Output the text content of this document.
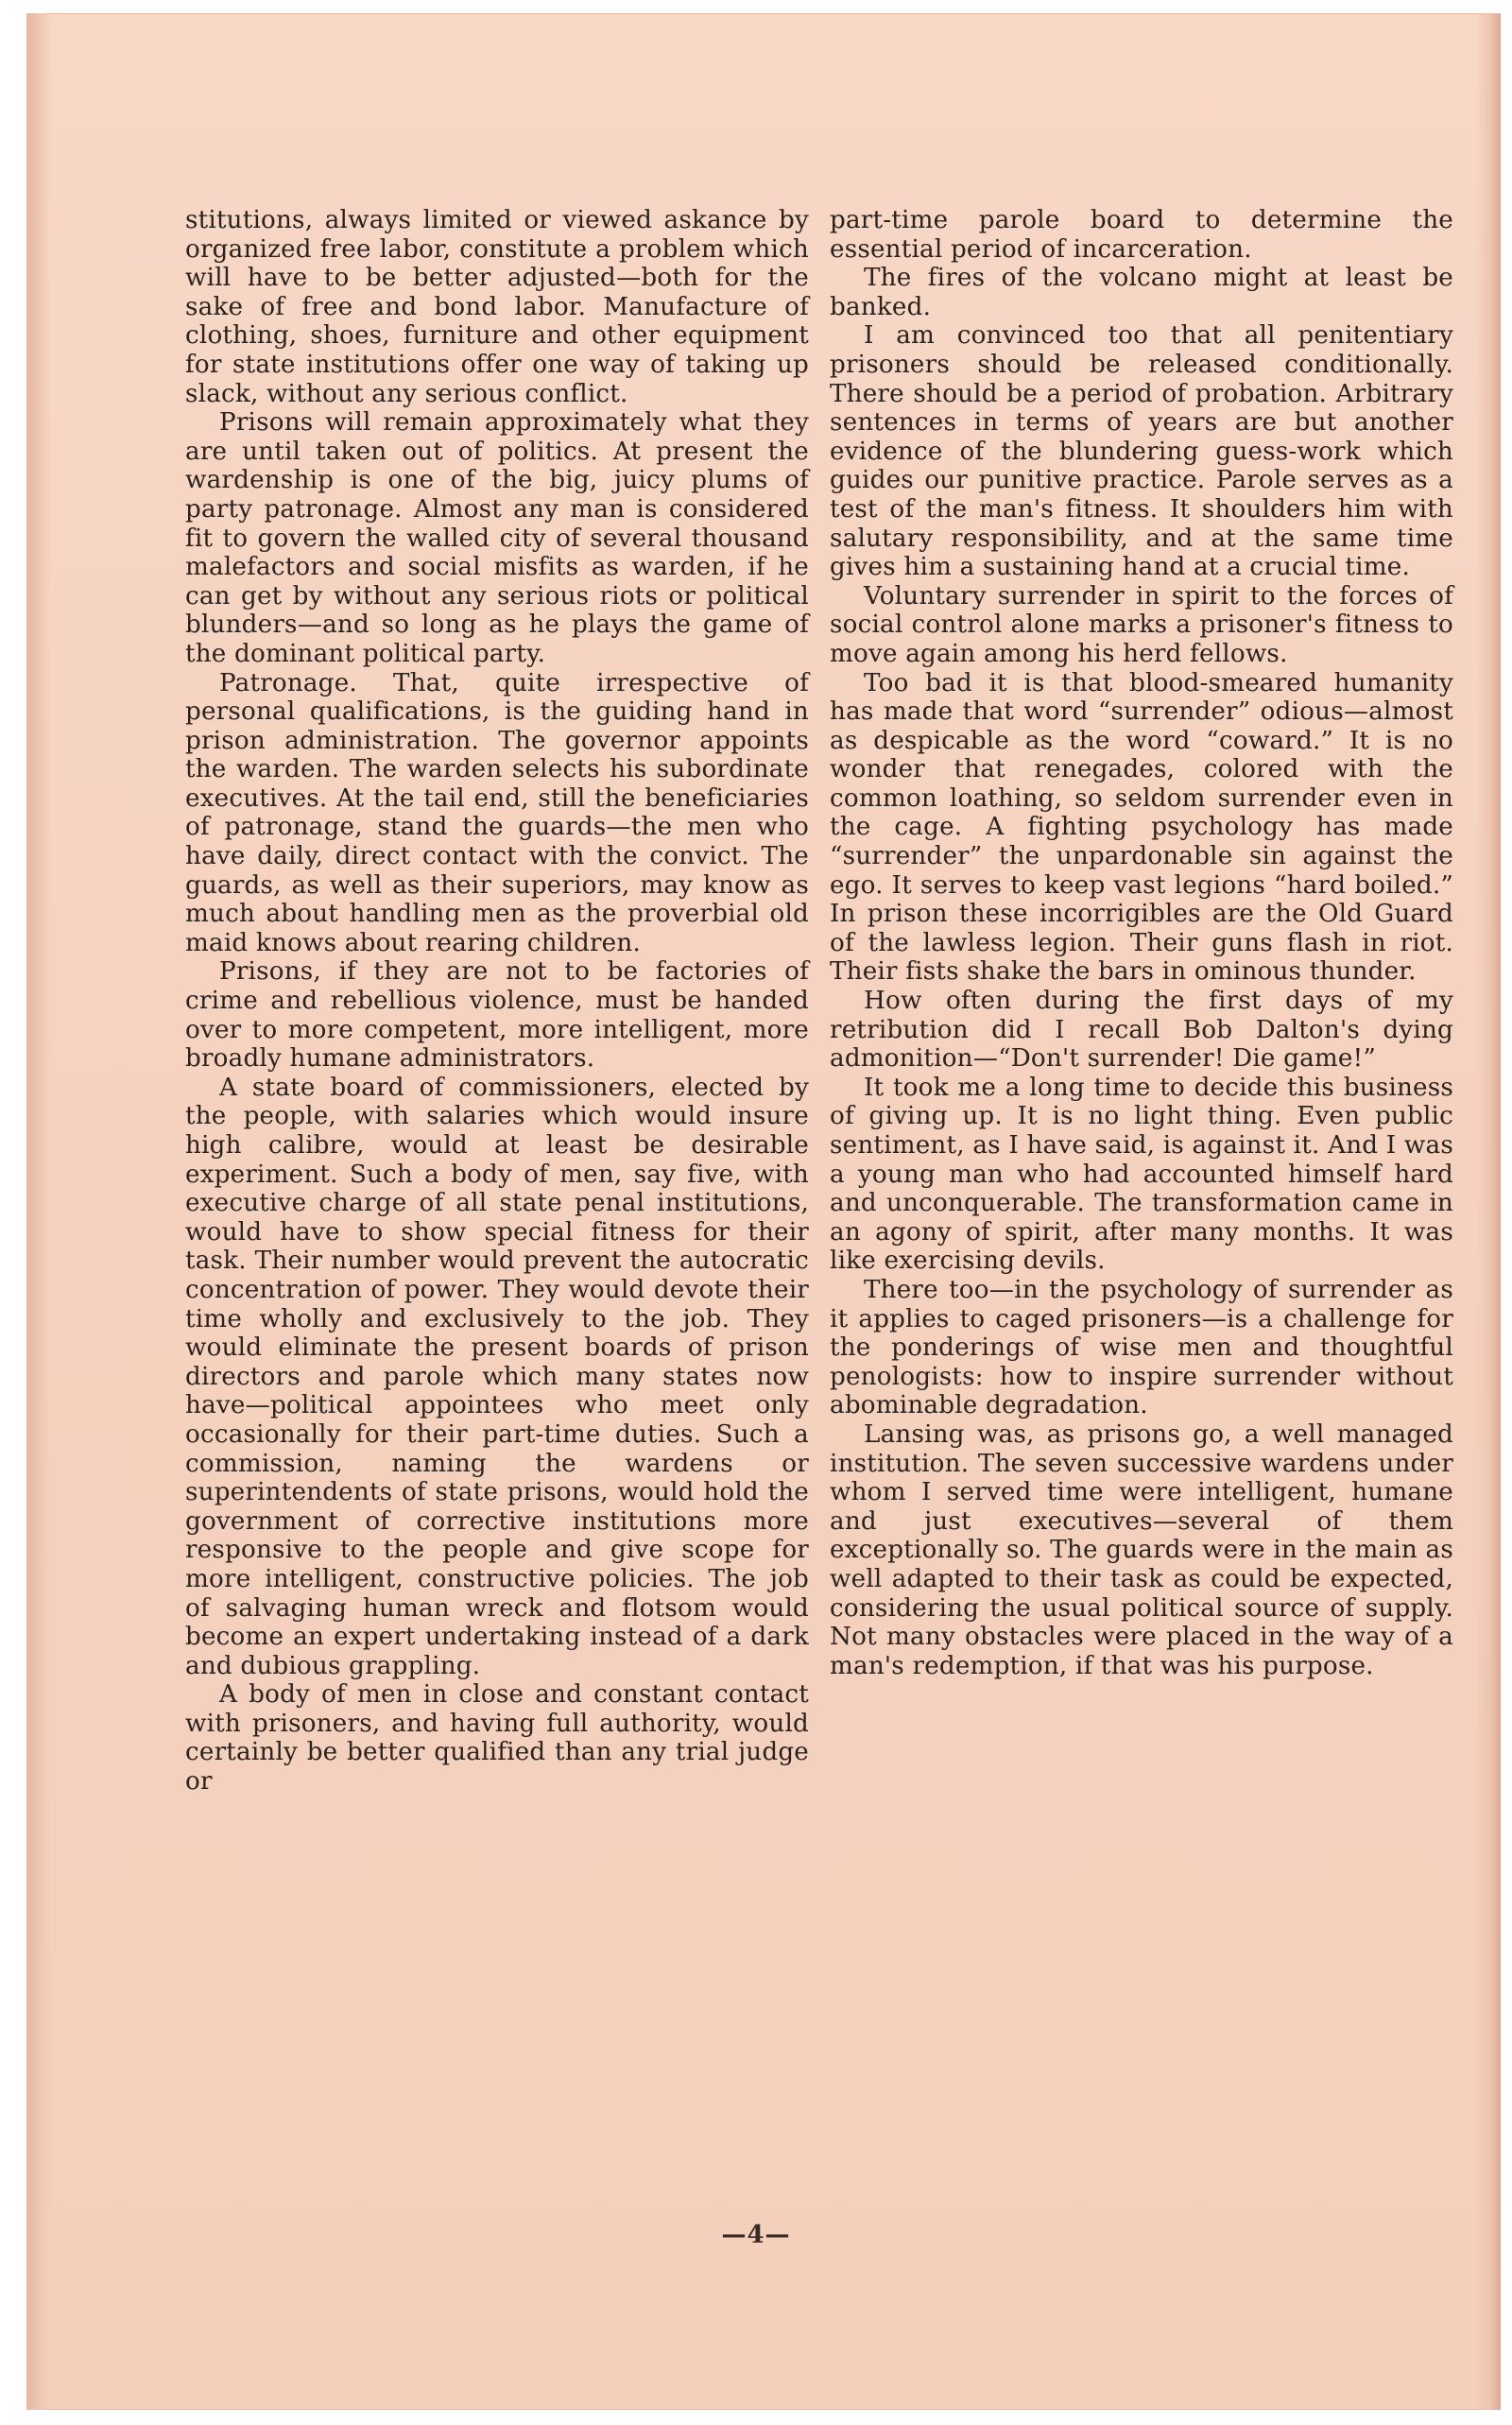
stitutions, always limited or viewed askance by organized free labor, constitute a problem which will have to be better adjusted—both for the sake of free and bond labor. Manufacture of clothing, shoes, furniture and other equipment for state institutions offer one way of taking up slack, without any serious conflict.

Prisons will remain approximately what they are until taken out of politics. At present the wardenship is one of the big, juicy plums of party patronage. Almost any man is considered fit to govern the walled city of several thousand malefactors and social misfits as warden, if he can get by without any serious riots or political blunders—and so long as he plays the game of the dominant political party.

Patronage. That, quite irrespective of personal qualifications, is the guiding hand in prison administration. The governor appoints the warden. The warden selects his subordinate executives. At the tail end, still the beneficiaries of patronage, stand the guards—the men who have daily, direct contact with the convict. The guards, as well as their superiors, may know as much about handling men as the proverbial old maid knows about rearing children.

Prisons, if they are not to be factories of crime and rebellious violence, must be handed over to more competent, more intelligent, more broadly humane administrators.

A state board of commissioners, elected by the people, with salaries which would insure high calibre, would at least be desirable experiment. Such a body of men, say five, with executive charge of all state penal institutions, would have to show special fitness for their task. Their number would prevent the autocratic concentration of power. They would devote their time wholly and exclusively to the job. They would eliminate the present boards of prison directors and parole which many states now have—political appointees who meet only occasionally for their part-time duties. Such a commission, naming the wardens or superintendents of state prisons, would hold the government of corrective institutions more responsive to the people and give scope for more intelligent, constructive policies. The job of salvaging human wreck and flotsom would become an expert undertaking instead of a dark and dubious grappling.

A body of men in close and constant contact with prisoners, and having full authority, would certainly be better qualified than any trial judge or

part-time parole board to determine the essential period of incarceration.

The fires of the volcano might at least be banked.

I am convinced too that all penitentiary prisoners should be released conditionally. There should be a period of probation. Arbitrary sentences in terms of years are but another evidence of the blundering guess-work which guides our punitive practice. Parole serves as a test of the man's fitness. It shoulders him with salutary responsibility, and at the same time gives him a sustaining hand at a crucial time.

Voluntary surrender in spirit to the forces of social control alone marks a prisoner's fitness to move again among his herd fellows.

Too bad it is that blood-smeared humanity has made that word “surrender” odious—almost as despicable as the word “coward.” It is no wonder that renegades, colored with the common loathing, so seldom surrender even in the cage. A fighting psychology has made “surrender” the unpardonable sin against the ego. It serves to keep vast legions “hard boiled.” In prison these incorrigibles are the Old Guard of the lawless legion. Their guns flash in riot. Their fists shake the bars in ominous thunder.

How often during the first days of my retribution did I recall Bob Dalton's dying admonition—“Don't surrender! Die game!”

It took me a long time to decide this business of giving up. It is no light thing. Even public sentiment, as I have said, is against it. And I was a young man who had accounted himself hard and unconquerable. The transformation came in an agony of spirit, after many months. It was like exercising devils.

There too—in the psychology of surrender as it applies to caged prisoners—is a challenge for the ponderings of wise men and thoughtful penologists: how to inspire surrender without abominable degradation.

Lansing was, as prisons go, a well managed institution. The seven successive wardens under whom I served time were intelligent, humane and just executives—several of them exceptionally so. The guards were in the main as well adapted to their task as could be expected, considering the usual political source of supply. Not many obstacles were placed in the way of a man's redemption, if that was his purpose.

—4—
